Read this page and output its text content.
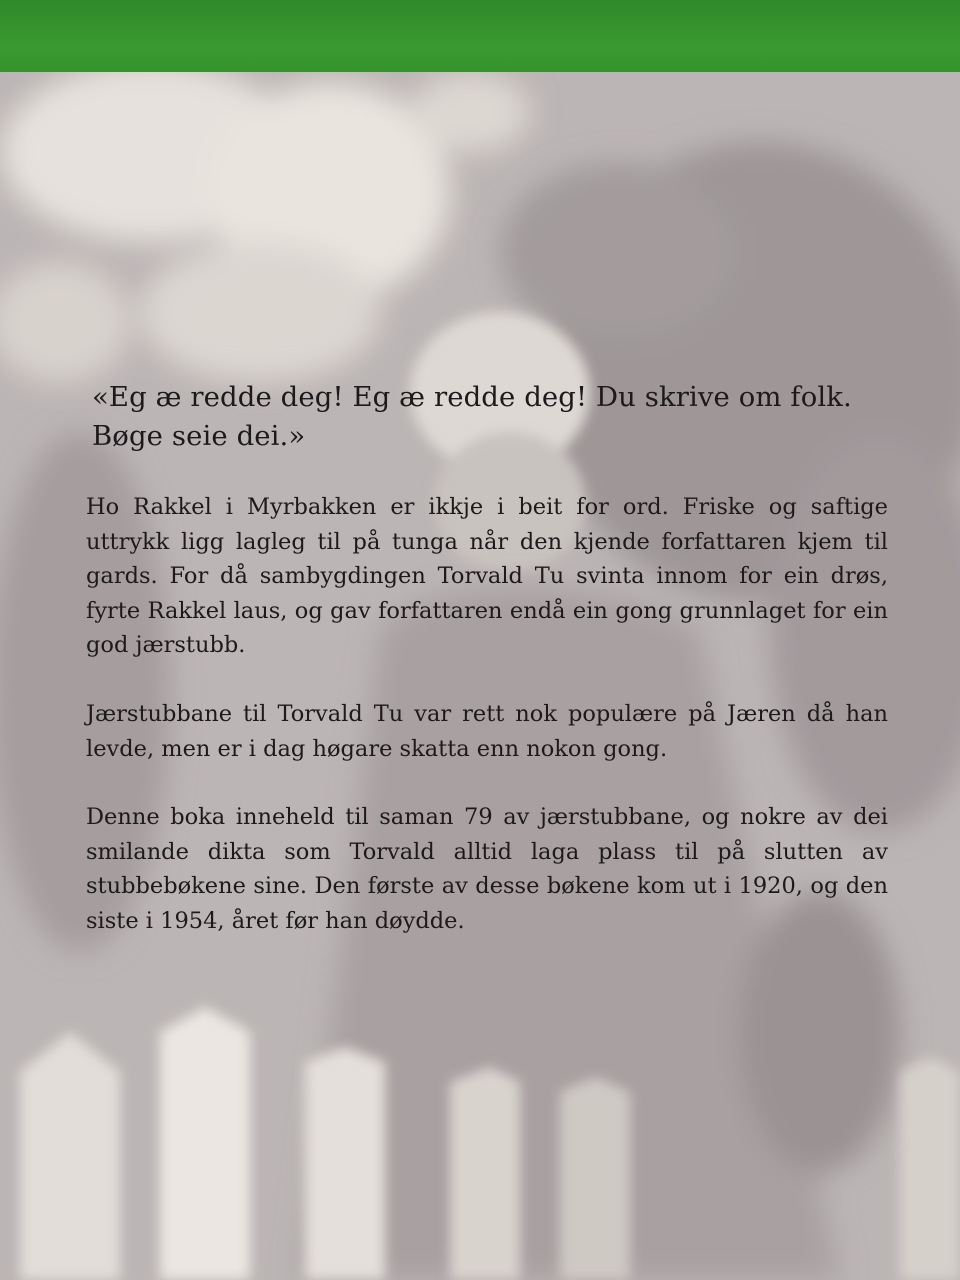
«Eg æ redde deg! Eg æ redde deg! Du skrive om folk. Bøge seie dei.»

Ho Rakkel i Myrbakken er ikkje i beit for ord. Friske og saftige uttrykk ligg lagleg til på tunga når den kjende forfattaren kjem til gards. For då sambygdingen Torvald Tu svinta innom for ein drøs, fyrte Rakkel laus, og gav forfattaren endå ein gong grunnlaget for ein god jærstubb.

Jærstubbane til Torvald Tu var rett nok populære på Jæren då han levde, men er i dag høgare skatta enn nokon gong.

Denne boka inneheld til saman 79 av jærstubbane, og nokre av dei smilande dikta som Torvald alltid laga plass til på slutten av stubbebøkene sine. Den første av desse bøkene kom ut i 1920, og den siste i 1954, året før han døydde.
